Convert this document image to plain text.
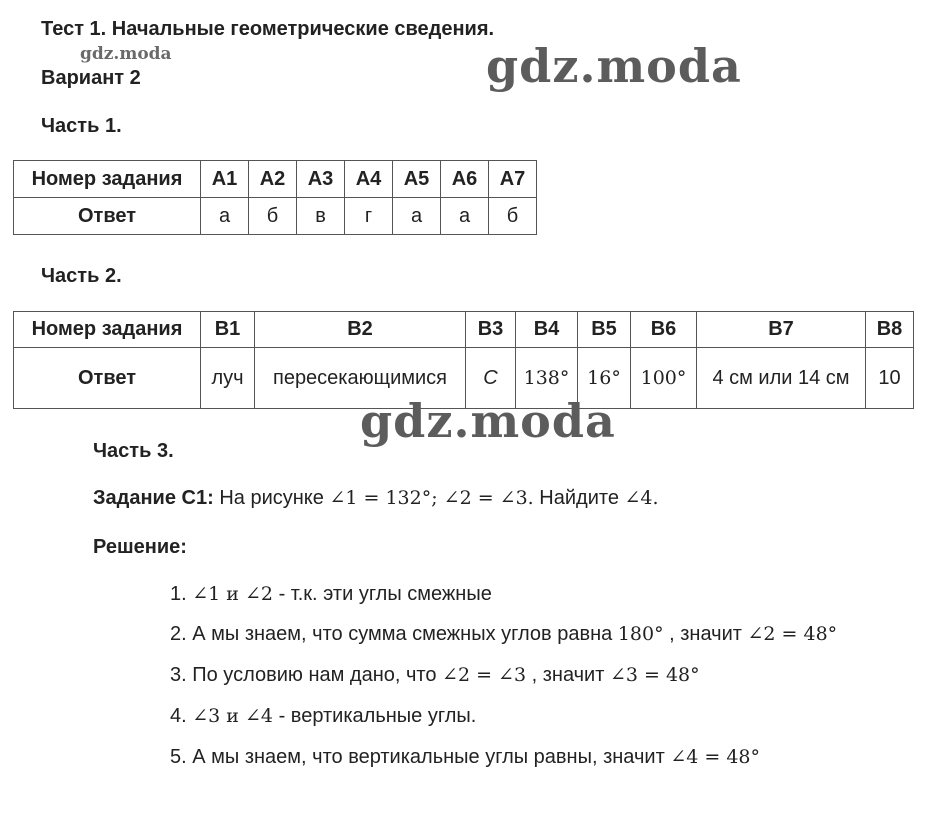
Тест 1. Начальные геометрические сведения.
gdz.moda
Вариант 2	gdz.moda
Часть 1.
Номер задания	А1	А2	А3	А4	А5	А6	А7
Ответ	а	б	в	г	а	а	б
Часть 2.
Номер задания	В1	В2	В3	В4	В5	В6	В7	В8
Ответ	луч	пересекающимися	C	138°	16°	100°	4 см или 14 см	10
gdz.moda
Часть 3.
Задание С1: На рисунке ∠1 = 132°; ∠2 = ∠3. Найдите ∠4.
Решение:
1. ∠1 и ∠2 - т.к. эти углы смежные
2. А мы знаем, что сумма смежных углов равна 180° , значит ∠2 = 48°
3. По условию нам дано, что ∠2 = ∠3 , значит ∠3 = 48°
4. ∠3 и ∠4 - вертикальные углы.
5. А мы знаем, что вертикальные углы равны, значит ∠4 = 48°
